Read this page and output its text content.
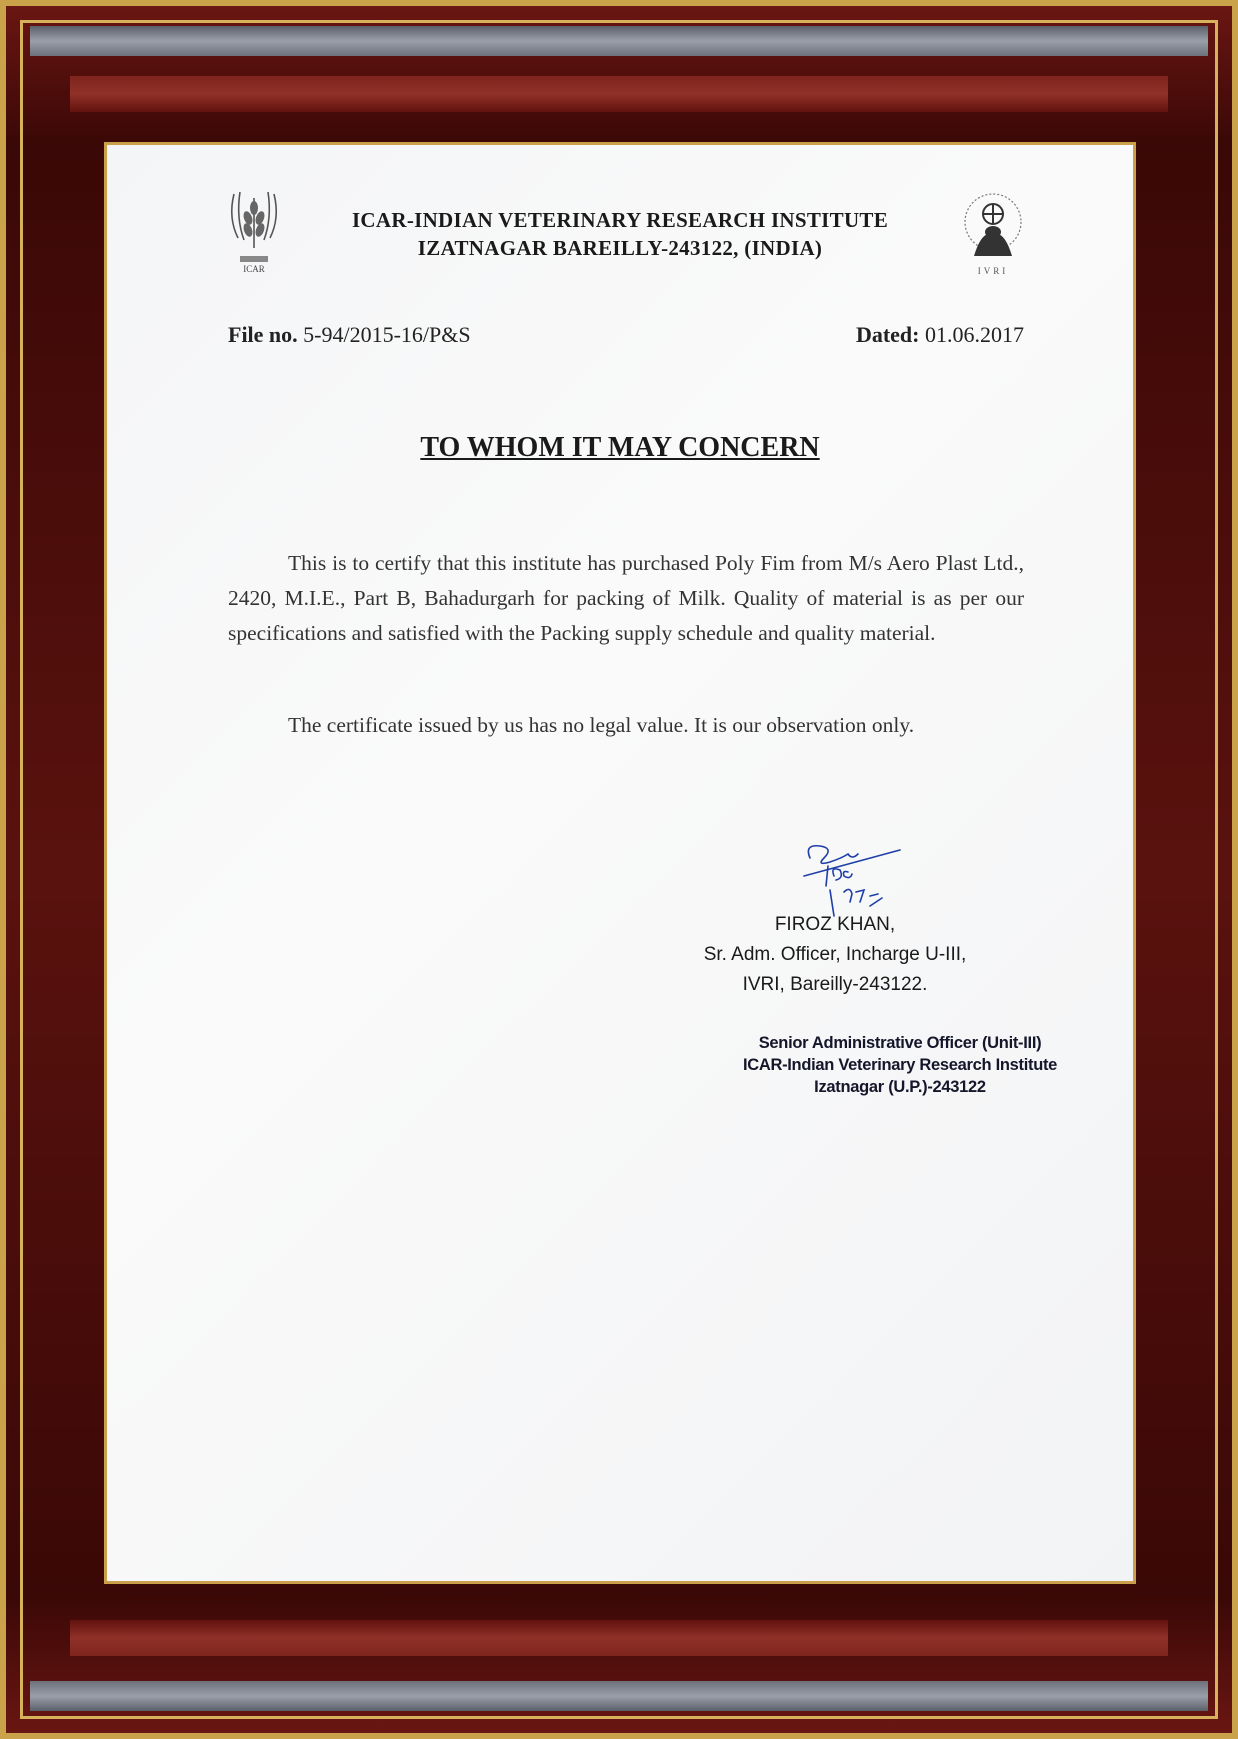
ICAR	IVRI
ICAR-INDIAN VETERINARY RESEARCH INSTITUTE
IZATNAGAR BAREILLY-243122, (INDIA)
File no. 5-94/2015-16/P&S	Dated: 01.06.2017
TO WHOM IT MAY CONCERN
This is to certify that this institute has purchased Poly Fim from M/s Aero Plast Ltd., 2420, M.I.E., Part B, Bahadurgarh for packing of Milk. Quality of material is as per our specifications and satisfied with the Packing supply schedule and quality material.
The certificate issued by us has no legal value. It is our observation only.
FIROZ KHAN,
Sr. Adm. Officer, Incharge U-III,
IVRI, Bareilly-243122.
Senior Administrative Officer (Unit-III)
ICAR-Indian Veterinary Research Institute
Izatnagar (U.P.)-243122
